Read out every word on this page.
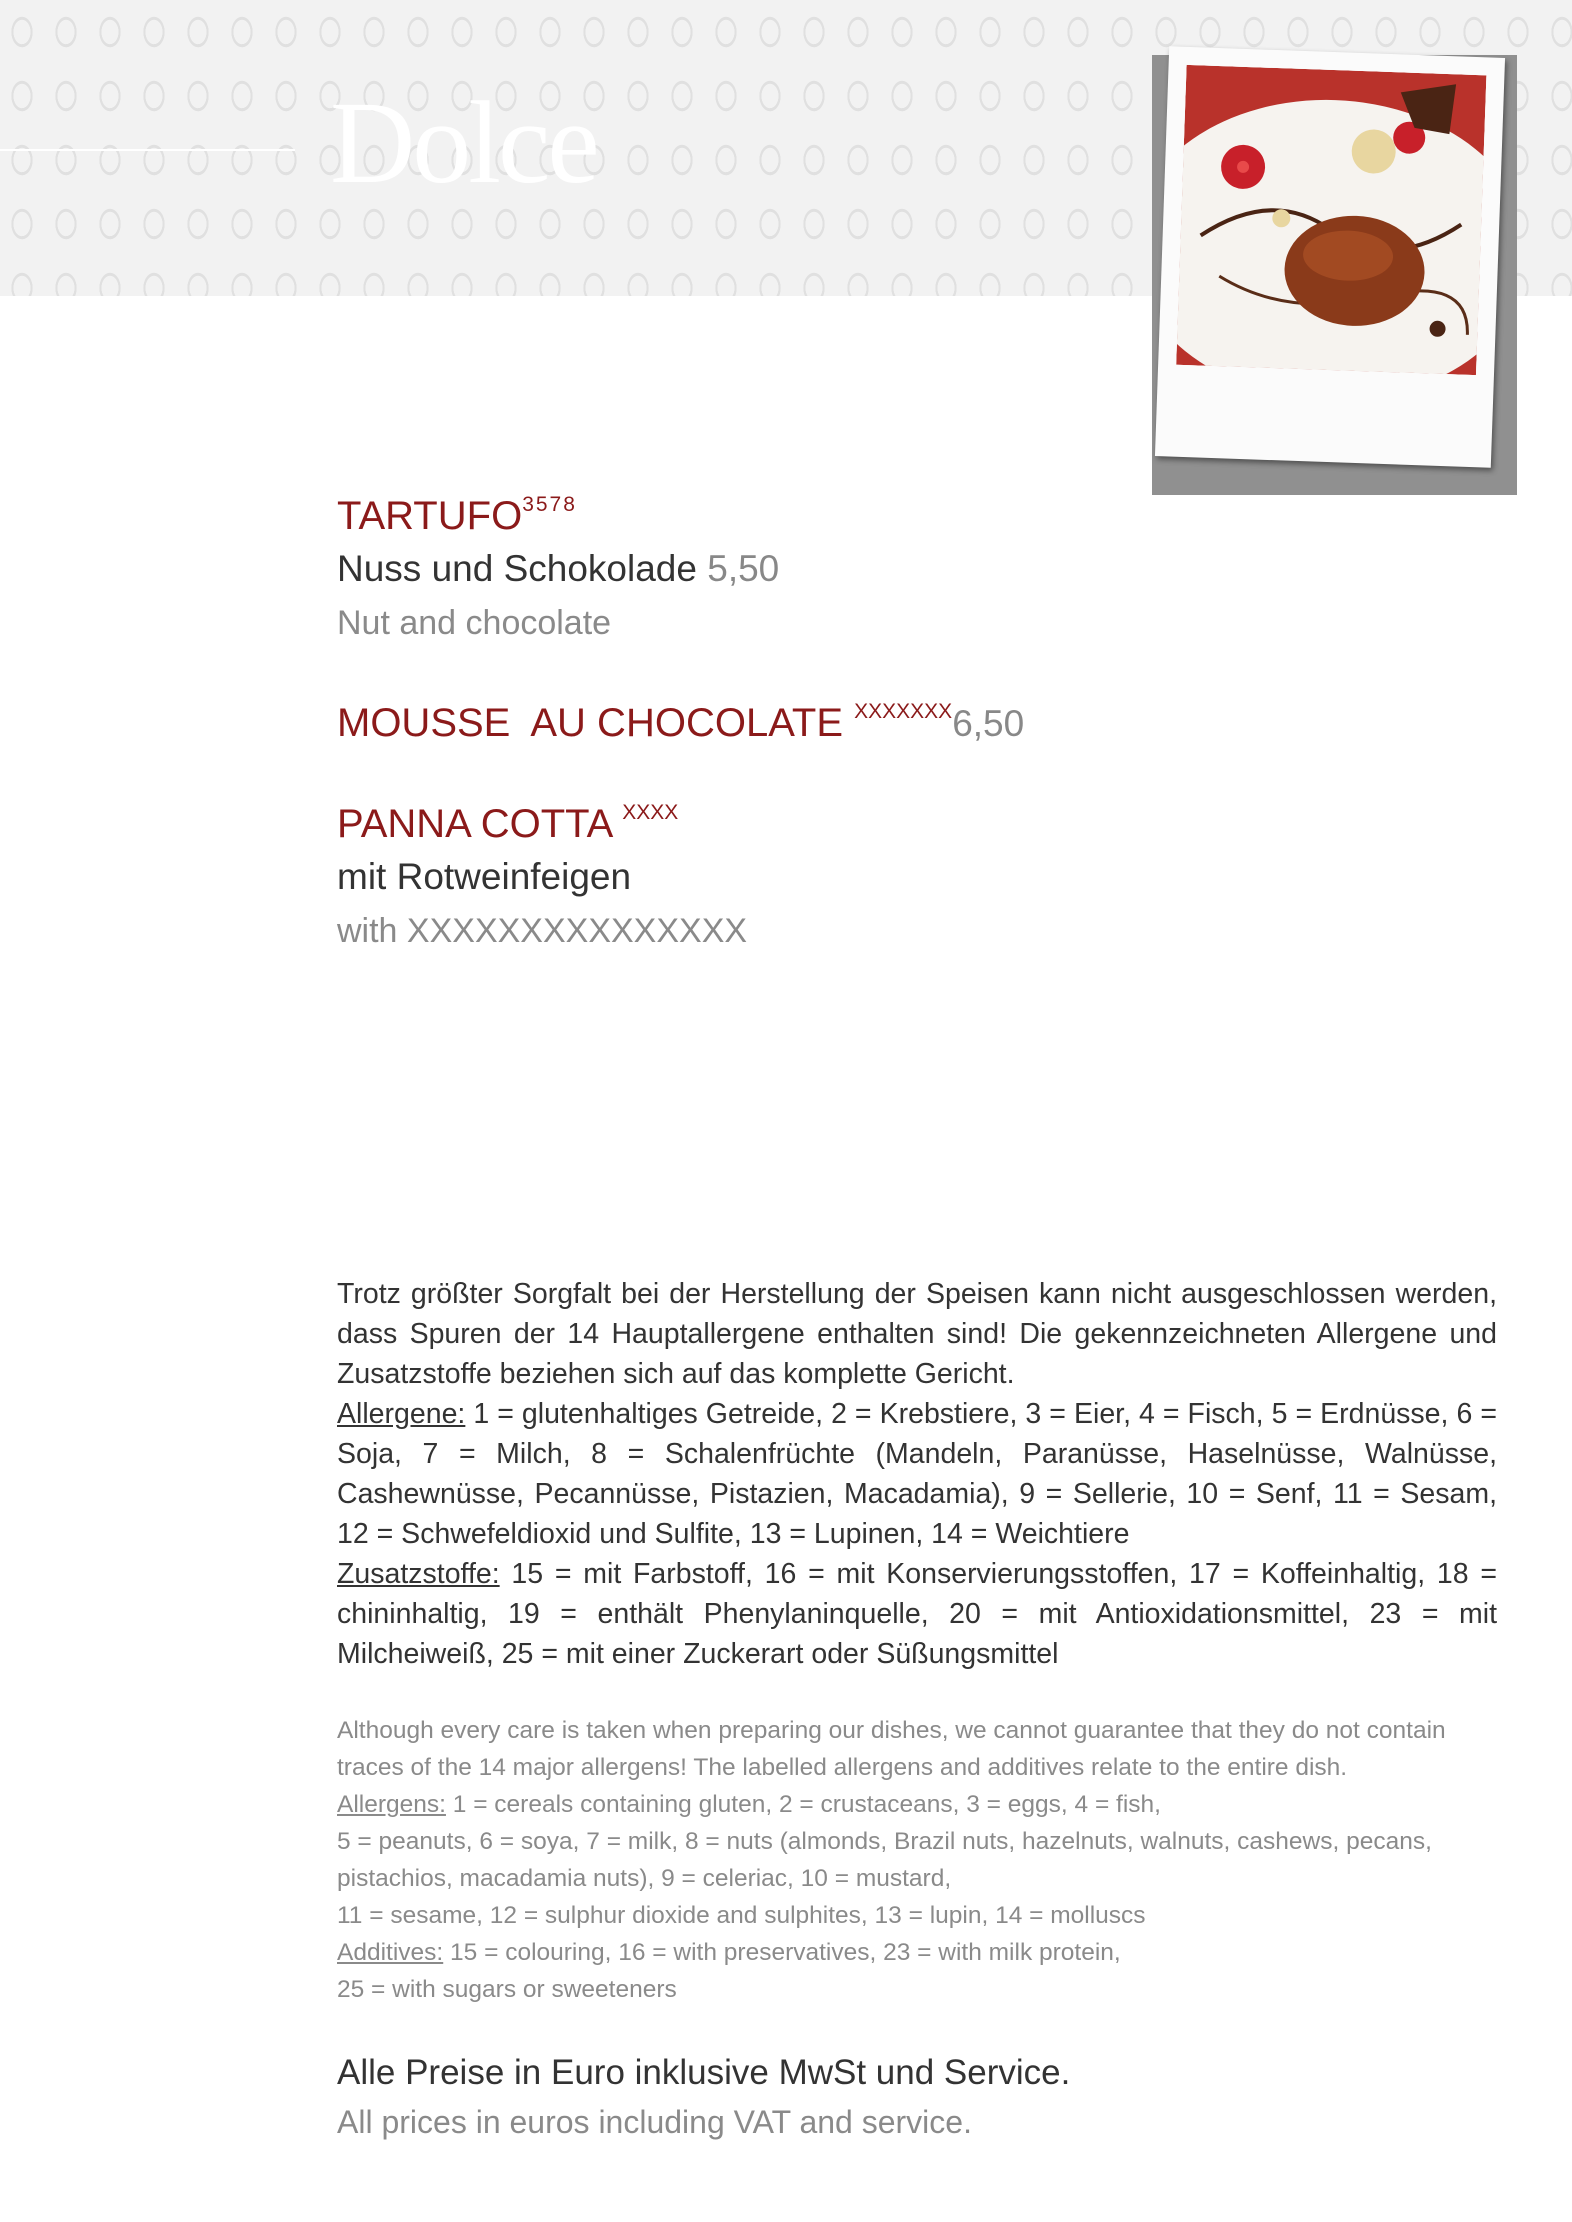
Dolce
$TARTUFO^{3578}$
Nuss und Schokolade 5,50
Nut and chocolate
MOUSSE  AU CHOCOLATE $^{XXXXXXX}$6,50
PANNA COTTA $^{XXXX}$
mit Rotweinfeigen
with XXXXXXXXXXXXXXX
Trotz größter Sorgfalt bei der Herstellung der Speisen kann nicht ausgeschlossen werden, dass Spuren der 14 Hauptallergene enthalten sind! Die gekennzeichneten Allergene und Zusatzstoffe beziehen sich auf das komplette Gericht.
Allergene: 1 = glutenhaltiges Getreide, 2 = Krebstiere, 3 = Eier, 4 = Fisch, 5 = Erdnüsse, 6 = Soja, 7 = Milch, 8 = Schalenfrüchte (Mandeln, Paranüsse, Haselnüsse, Walnüsse, Cashewnüsse, Pecannüsse, Pistazien, Macadamia), 9 = Sellerie, 10 = Senf, 11 = Sesam, 12 = Schwefeldioxid und Sulfite, 13 = Lupinen, 14 = Weichtiere
Zusatzstoffe: 15 = mit Farbstoff, 16 = mit Konservierungsstoffen, 17 = Koffeinhaltig, 18 = chininhaltig, 19 = enthält Phenylaninquelle, 20 = mit Antioxidationsmittel, 23 = mit Milcheiweiß, 25 = mit einer Zuckerart oder Süßungsmittel
Although every care is taken when preparing our dishes, we cannot guarantee that they do not contain traces of the 14 major allergens! The labelled allergens and additives relate to the entire dish.
Allergens: 1 = cereals containing gluten, 2 = crustaceans, 3 = eggs, 4 = fish,
5 = peanuts, 6 = soya, 7 = milk, 8 = nuts (almonds, Brazil nuts, hazelnuts, walnuts, cashews, pecans, pistachios, macadamia nuts), 9 = celeriac, 10 = mustard,
11 = sesame, 12 = sulphur dioxide and sulphites, 13 = lupin, 14 = molluscs
Additives: 15 = colouring, 16 = with preservatives, 23 = with milk protein,
25 = with sugars or sweeteners
Alle Preise in Euro inklusive MwSt und Service.
All prices in euros including VAT and service.
